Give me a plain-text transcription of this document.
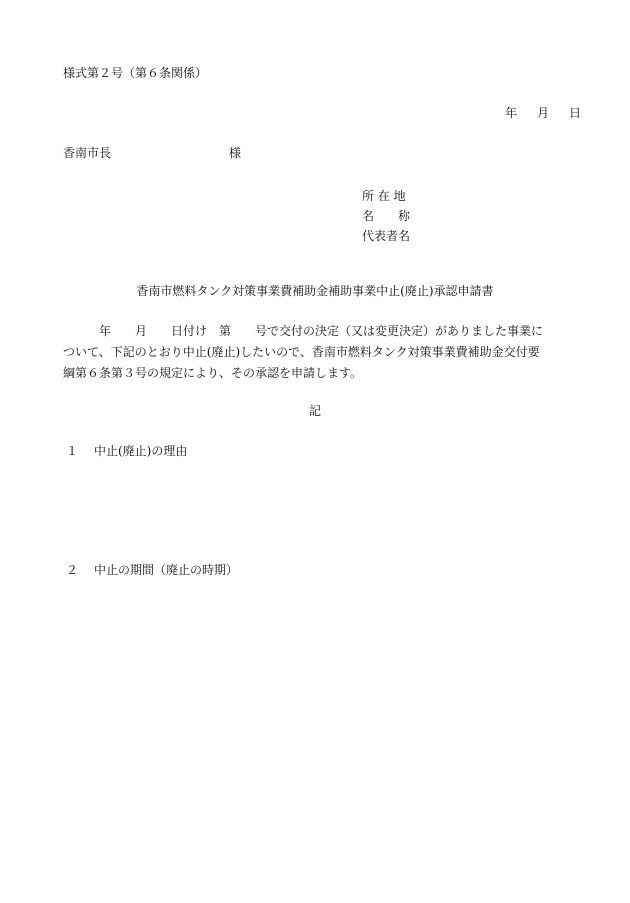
様式第２号（第６条関係）
年 月 日
香南市長	様
所 在 地
名　　称
代表者名
香南市燃料タンク対策事業費補助金補助事業中止(廃止)承認申請書
　　　年　　月　　日付け　第　　号で交付の決定（又は変更決定）がありました事業に
ついて、下記のとおり中止(廃止)したいので、香南市燃料タンク対策事業費補助金交付要
綱第６条第３号の規定により、その承認を申請します。
記
１ 中止(廃止)の理由
２ 中止の期間（廃止の時期）
